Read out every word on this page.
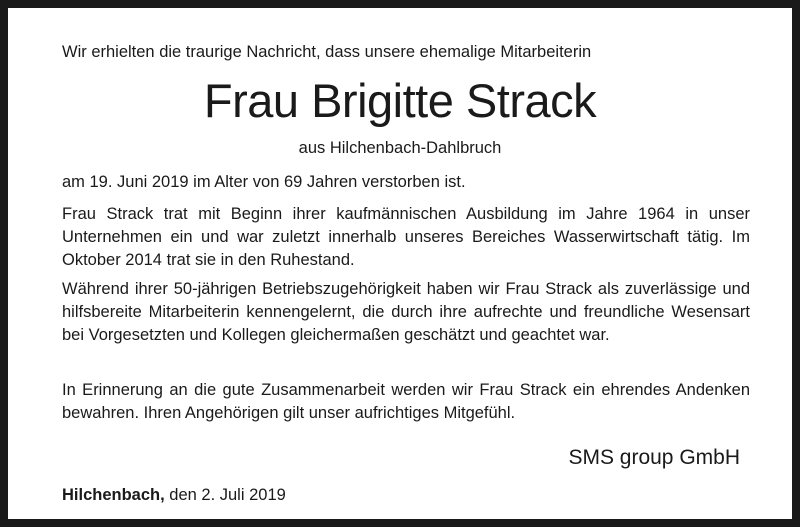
Wir erhielten die traurige Nachricht, dass unsere ehemalige Mitarbeiterin
Frau Brigitte Strack
aus Hilchenbach-Dahlbruch

am 19. Juni 2019 im Alter von 69 Jahren verstorben ist.

Frau Strack trat mit Beginn ihrer kaufmännischen Ausbildung im Jahre 1964 in unser Unternehmen ein und war zuletzt innerhalb unseres Bereiches Wasserwirtschaft tätig. Im Oktober 2014 trat sie in den Ruhestand.

Während ihrer 50-jährigen Betriebszugehörigkeit haben wir Frau Strack als zuverlässige und hilfsbereite Mitarbeiterin kennengelernt, die durch ihre aufrechte und freundliche Wesensart bei Vorgesetzten und Kollegen gleichermaßen geschätzt und geachtet war.

In Erinnerung an die gute Zusammenarbeit werden wir Frau Strack ein ehrendes Andenken bewahren. Ihren Angehörigen gilt unser aufrichtiges Mitgefühl.

SMS group GmbH
Hilchenbach, den 2. Juli 2019
